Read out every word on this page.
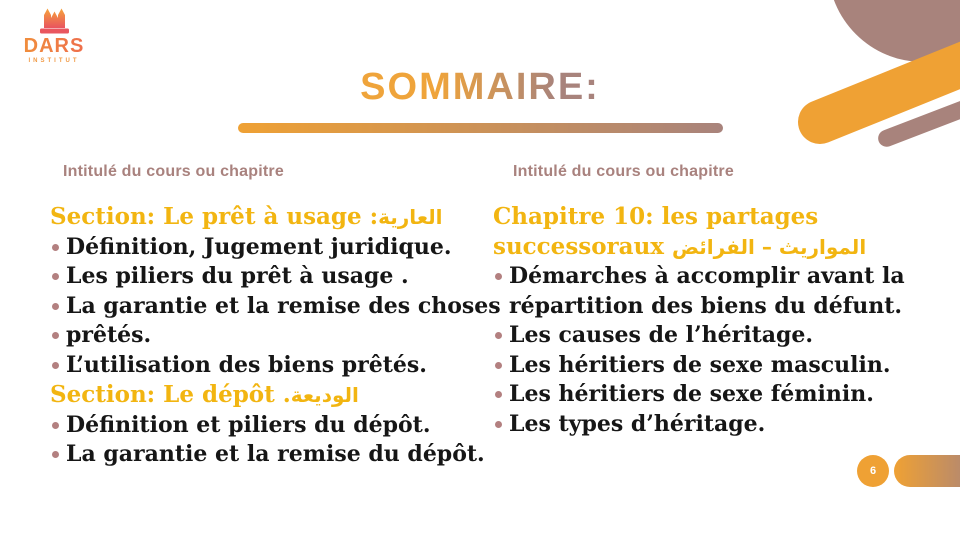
DARS
INSTITUT
SOMMAIRE:
Intitulé du cours ou chapitre
Section: Le prêt à usage :العارية
Définition, Jugement juridique.
Les piliers du prêt à usage .
La garantie et la remise des choses
prêtés.
L’utilisation des biens prêtés.
Section: Le dépôt .الوديعة
Définition et piliers du dépôt.
La garantie et la remise du dépôt.
Intitulé du cours ou chapitre
Chapitre 10: les partages
successoraux الفرائض ‎–‎ المواريث
Démarches à accomplir avant la
répartition des biens du défunt.
Les causes de l’héritage.
Les héritiers de sexe masculin.
Les héritiers de sexe féminin.
Les types d’héritage.
6
